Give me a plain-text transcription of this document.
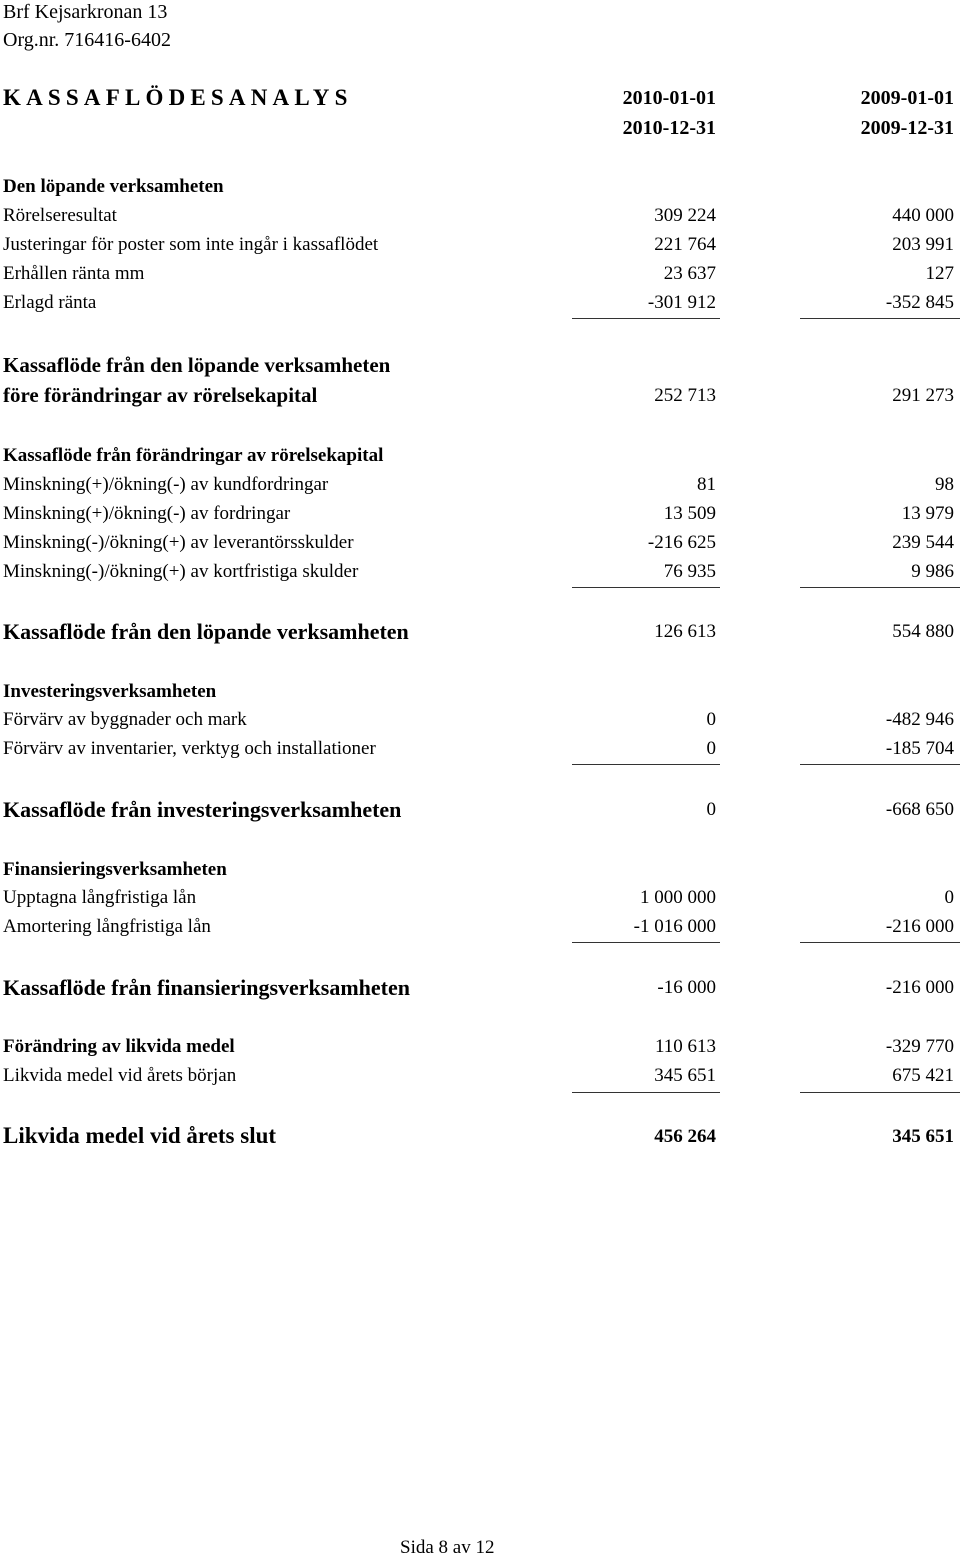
Brf Kejsarkronan 13
Org.nr. 716416-6402
KASSAFLÖDESANALYS	2010-01-01	2009-01-01
2010-12-31	2009-12-31
Den löpande verksamheten
Rörelseresultat	309 224	440 000
Justeringar för poster som inte ingår i kassaflödet	221 764	203 991
Erhållen ränta mm	23 637	127
Erlagd ränta	-301 912	-352 845
Kassaflöde från den löpande verksamheten
före förändringar av rörelsekapital	252 713	291 273
Kassaflöde från förändringar av rörelsekapital
Minskning(+)/ökning(-) av kundfordringar	81	98
Minskning(+)/ökning(-) av fordringar	13 509	13 979
Minskning(-)/ökning(+) av leverantörsskulder	-216 625	239 544
Minskning(-)/ökning(+) av kortfristiga skulder	76 935	9 986
Kassaflöde från den löpande verksamheten	126 613	554 880
Investeringsverksamheten
Förvärv av byggnader och mark	0	-482 946
Förvärv av inventarier, verktyg och installationer	0	-185 704
Kassaflöde från investeringsverksamheten	0	-668 650
Finansieringsverksamheten
Upptagna långfristiga lån	1 000 000	0
Amortering långfristiga lån	-1 016 000	-216 000
Kassaflöde från finansieringsverksamheten	-16 000	-216 000
Förändring av likvida medel	110 613	-329 770
Likvida medel vid årets början	345 651	675 421
Likvida medel vid årets slut	456 264	345 651
Sida 8 av 12
